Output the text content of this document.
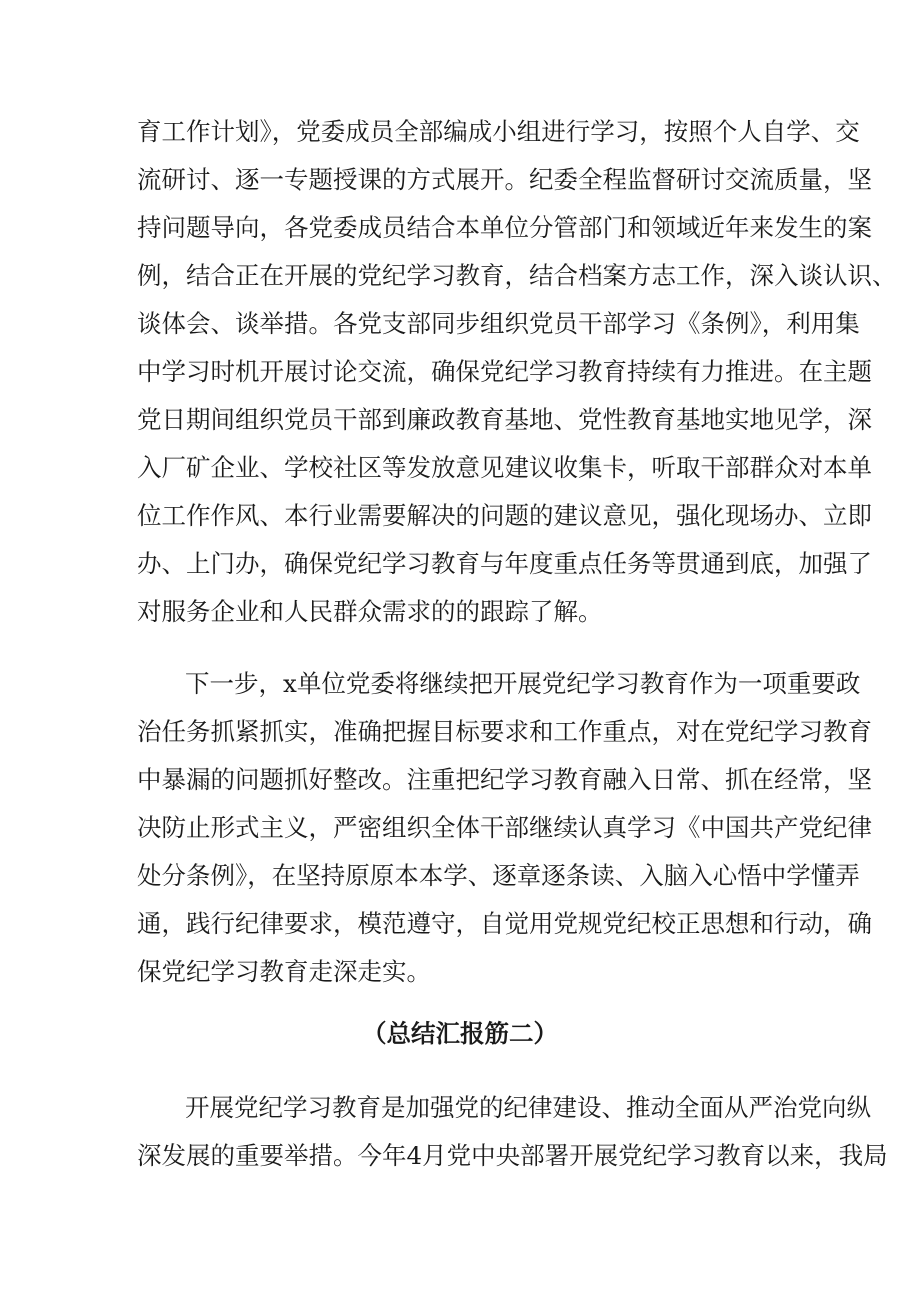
育工作计划》，党委成员全部编成小组进行学习，按照个人自学、交
流研讨、逐一专题授课的方式展开。纪委全程监督研讨交流质量，坚
持问题导向，各党委成员结合本单位分管部门和领域近年来发生的案
例，结合正在开展的党纪学习教育，结合档案方志工作，深入谈认识、
谈体会、谈举措。各党支部同步组织党员干部学习《条例》，利用集
中学习时机开展讨论交流，确保党纪学习教育持续有力推进。在主题
党日期间组织党员干部到廉政教育基地、党性教育基地实地见学，深
入厂矿企业、学校社区等发放意见建议收集卡，听取干部群众对本单
位工作作风、本行业需要解决的问题的建议意见，强化现场办、立即
办、上门办，确保党纪学习教育与年度重点任务等贯通到底，加强了
对服务企业和人民群众需求的的跟踪了解。
下一步，x单位党委将继续把开展党纪学习教育作为一项重要政
治任务抓紧抓实，准确把握目标要求和工作重点，对在党纪学习教育
中暴漏的问题抓好整改。注重把纪学习教育融入日常、抓在经常，坚
决防止形式主义，严密组织全体干部继续认真学习《中国共产党纪律
处分条例》，在坚持原原本本学、逐章逐条读、入脑入心悟中学懂弄
通，践行纪律要求，模范遵守，自觉用党规党纪校正思想和行动，确
保党纪学习教育走深走实。
（总结汇报筋二）
开展党纪学习教育是加强党的纪律建设、推动全面从严治党向纵
深发展的重要举措。今年4月党中央部署开展党纪学习教育以来，我局
